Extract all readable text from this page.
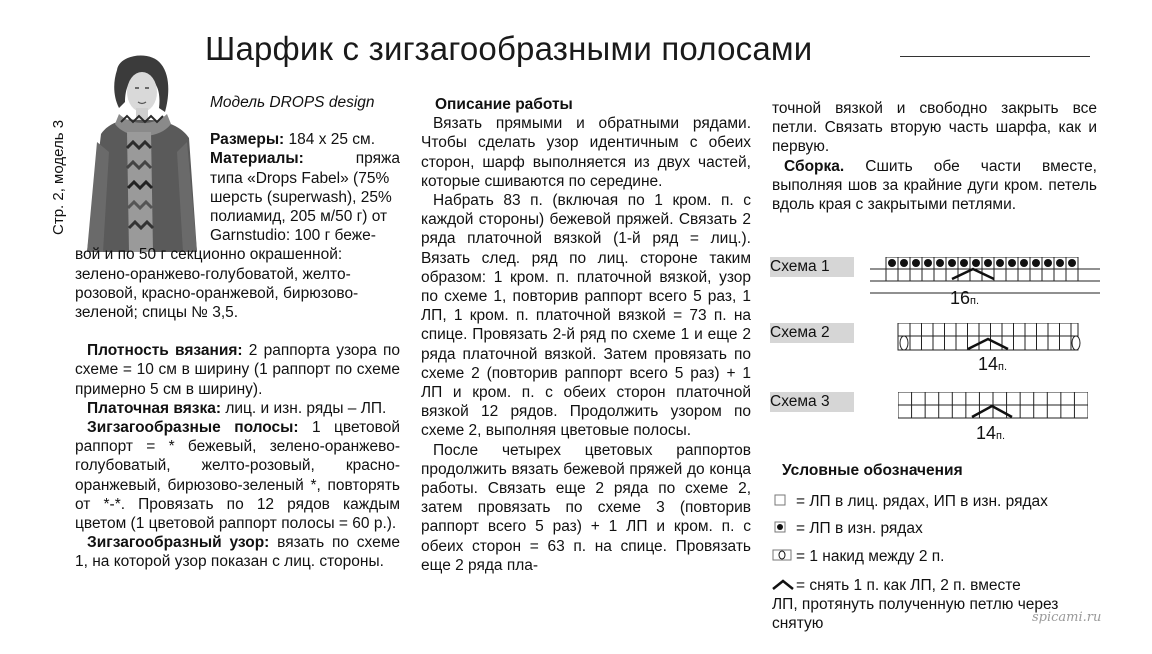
Шарфик с зигзагообразными полосами
Стр. 2, модель 3
Модель DROPS design
Размеры: 184 x 25 см.
Материалы:	пряжа
типа «Drops Fabel» (75%
шерсть (superwash), 25%
полиамид, 205 м/50 г) от
Garnstudio: 100 г беже-
вой и по 50 г секционно окрашенной:
зелено-оранжево-голубоватой, желто-
розовой, красно-оранжевой, бирюзово-
зеленой; спицы № 3,5.

Плотность вязания: 2 раппорта узора по схеме = 10 см в ширину (1 раппорт по схеме примерно 5 см в ширину).

Платочная вязка: лиц. и изн. ряды – ЛП.

Зигзагообразные полосы: 1 цветовой раппорт = * бежевый, зелено-оранжево-голубоватый, желто-розовый, красно-оранжевый, бирюзово-зеленый *, повторять от *-*. Провязать по 12 рядов каждым цветом (1 цветовой раппорт полосы = 60 р.).

Зигзагообразный узор: вязать по схеме 1, на которой узор показан с лиц. стороны.

Описание работы

Вязать прямыми и обратными рядами. Чтобы сделать узор идентичным с обеих сторон, шарф выполняется из двух частей, которые сшиваются по середине.

Набрать 83 п. (включая по 1 кром. п. с каждой стороны) бежевой пряжей. Связать 2 ряда платочной вязкой (1-й ряд = лиц.). Вязать след. ряд по лиц. стороне таким образом: 1 кром. п. платочной вязкой, узор по схеме 1, повторив раппорт всего 5 раз, 1 ЛП, 1 кром. п. платочной вязкой = 73 п. на спице. Провязать 2-й ряд по схеме 1 и еще 2 ряда платочной вязкой. Затем провязать по схеме 2 (повторив раппорт всего 5 раз) + 1 ЛП и кром. п. с обеих сторон платочной вязкой 12 рядов. Продолжить узором по схеме 2, выполняя цветовые полосы.

После четырех цветовых раппортов продолжить вязать бежевой пряжей до конца работы. Связать еще 2 ряда по схеме 2, затем провязать по схеме 3 (повторив раппорт всего 5 раз) + 1 ЛП и кром. п. с обеих сторон = 63 п. на спице. Провязать еще 2 ряда пла-

точной вязкой и свободно закрыть все петли. Связать вторую часть шарфа, как и первую.

Сборка. Сшить обе части вместе, выполняя шов за крайние дуги кром. петель вдоль края с закрытыми петлями.

Схема 1
16п.
Схема 2
14п.
Схема 3
14п.
Условные обозначения
= ЛП в лиц. рядах, ИП в изн. рядах
= ЛП в изн. рядах
= 1 накид между 2 п.
= снять 1 п. как ЛП, 2 п. вместе
ЛП, протянуть полученную петлю через
снятую	spicami.ru
